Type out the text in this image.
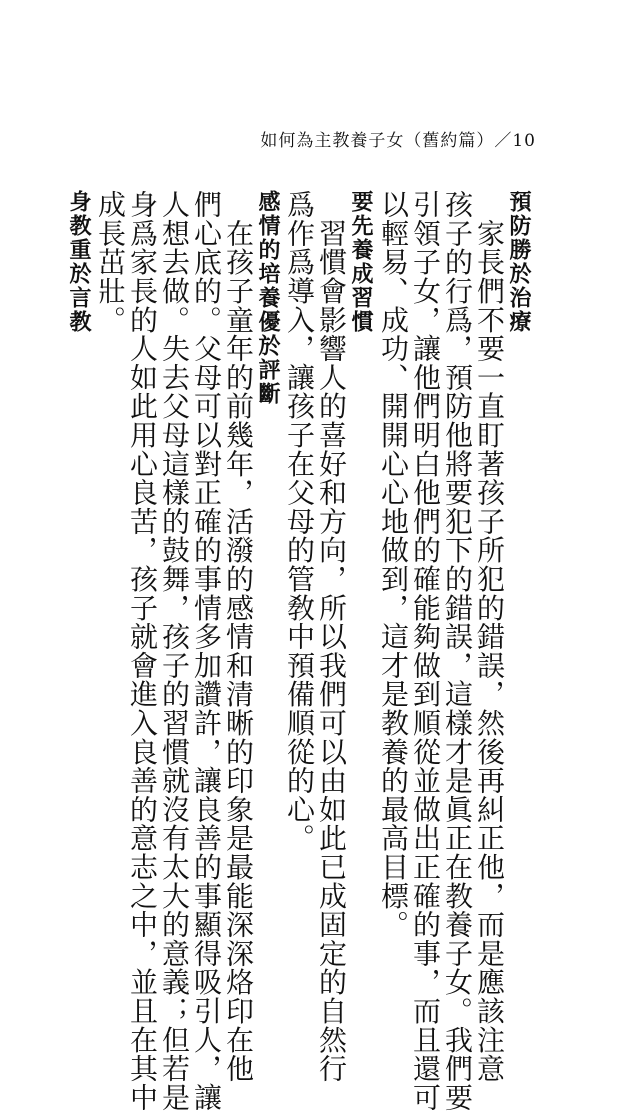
如何為主教養子女（舊約篇）／10
預防勝於治療
　家長們不要一直盯著孩子所犯的錯誤，然後再糾正他，而是應該注意
孩子的行爲，預防他將要犯下的錯誤，這樣才是眞正在教養子女。我們要
引領子女，讓他們明白他們的確能夠做到順從並做出正確的事，而且還可
以輕易、成功、開開心心地做到，這才是教養的最高目標。
要先養成習慣
　習慣會影響人的喜好和方向，所以我們可以由如此已成固定的自然行
爲作爲導入，讓孩子在父母的管敎中預備順從的心。
感情的培養優於評斷
　在孩子童年的前幾年，活潑的感情和清晰的印象是最能深深烙印在他
們心底的。父母可以對正確的事情多加讚許，讓良善的事顯得吸引人，讓
人想去做。失去父母這樣的鼓舞，孩子的習慣就沒有太大的意義；但若是
身爲家長的人如此用心良苦，孩子就會進入良善的意志之中，並且在其中
成長茁壯。
身教重於言教
